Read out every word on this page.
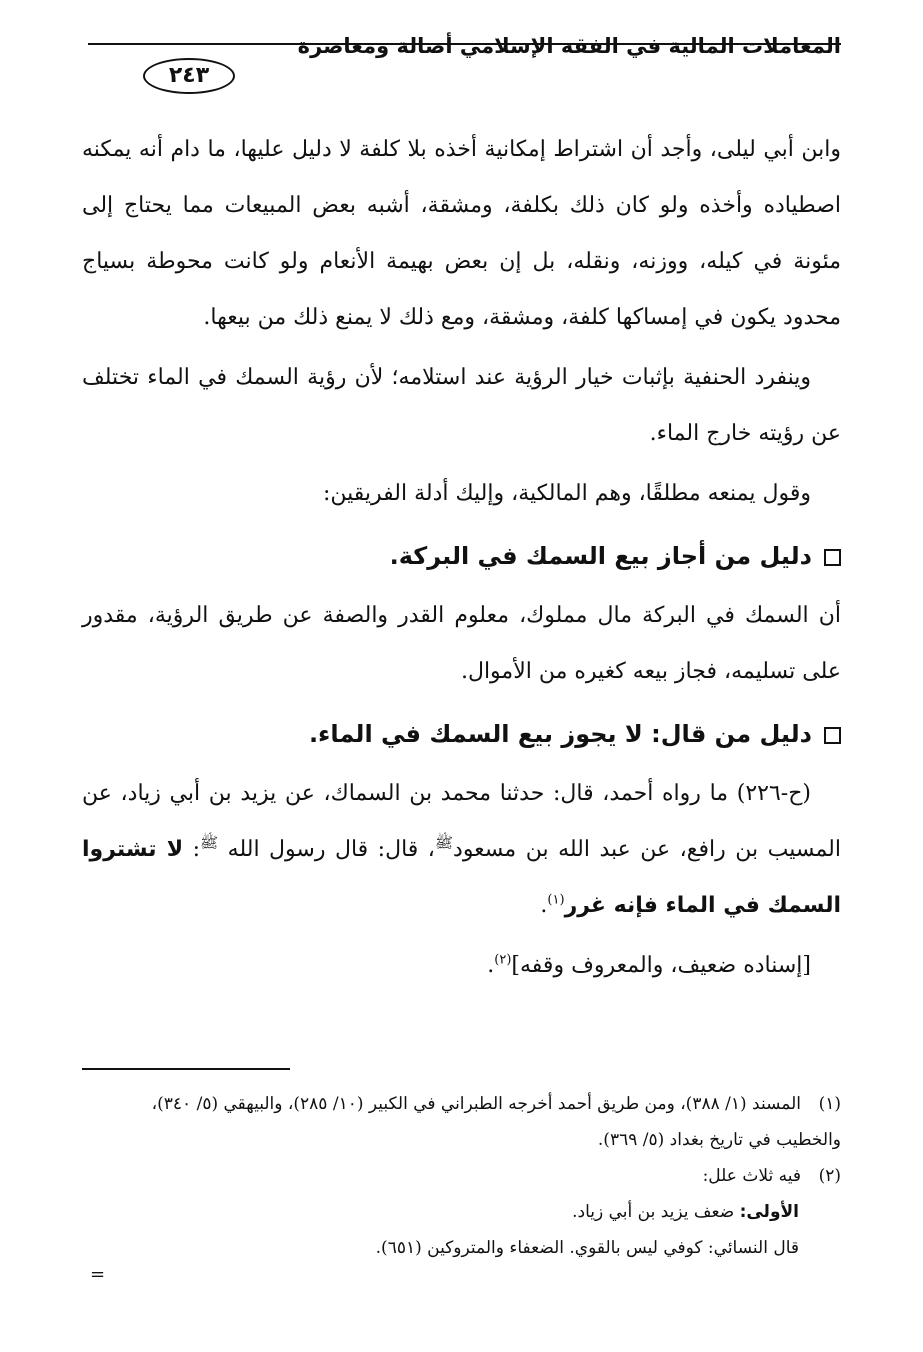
المعاملات المالية في الفقه الإسلامي أصالة ومعاصرة
٢٤٣

وابن أبي ليلى، وأجد أن اشتراط إمكانية أخذه بلا كلفة لا دليل عليها، ما دام أنه يمكنه اصطياده وأخذه ولو كان ذلك بكلفة، ومشقة، أشبه بعض المبيعات مما يحتاج إلى مئونة في كيله، ووزنه، ونقله، بل إن بعض بهيمة الأنعام ولو كانت محوطة بسياج محدود يكون في إمساكها كلفة، ومشقة، ومع ذلك لا يمنع ذلك من بيعها.

وينفرد الحنفية بإثبات خيار الرؤية عند استلامه؛ لأن رؤية السمك في الماء تختلف عن رؤيته خارج الماء.

وقول يمنعه مطلقًا، وهم المالكية، وإليك أدلة الفريقين:

دليل من أجاز بيع السمك في البركة.

أن السمك في البركة مال مملوك، معلوم القدر والصفة عن طريق الرؤية، مقدور على تسليمه، فجاز بيعه كغيره من الأموال.

دليل من قال: لا يجوز بيع السمك في الماء.

(ح-٢٢٦) ما رواه أحمد، قال: حدثنا محمد بن السماك، عن يزيد بن أبي زياد، عن المسيب بن رافع، عن عبد الله بن مسعود$^ﷺ$، قال: قال رسول الله $^ﷺ$: لا تشتروا السمك في الماء فإنه غرر$^{(١)}$.

[إسناده ضعيف، والمعروف وقفه]$^{(٢)}$.

(١)المسند (١/ ٣٨٨)، ومن طريق أحمد أخرجه الطبراني في الكبير (١٠/ ٢٨٥)، والبيهقي (٥/ ٣٤٠)، والخطيب في تاريخ بغداد (٥/ ٣٦٩).

(٢)فيه ثلاث علل:

الأولى: ضعف يزيد بن أبي زياد.

قال النسائي: كوفي ليس بالقوي. الضعفاء والمتروكين (٦٥١).

=
